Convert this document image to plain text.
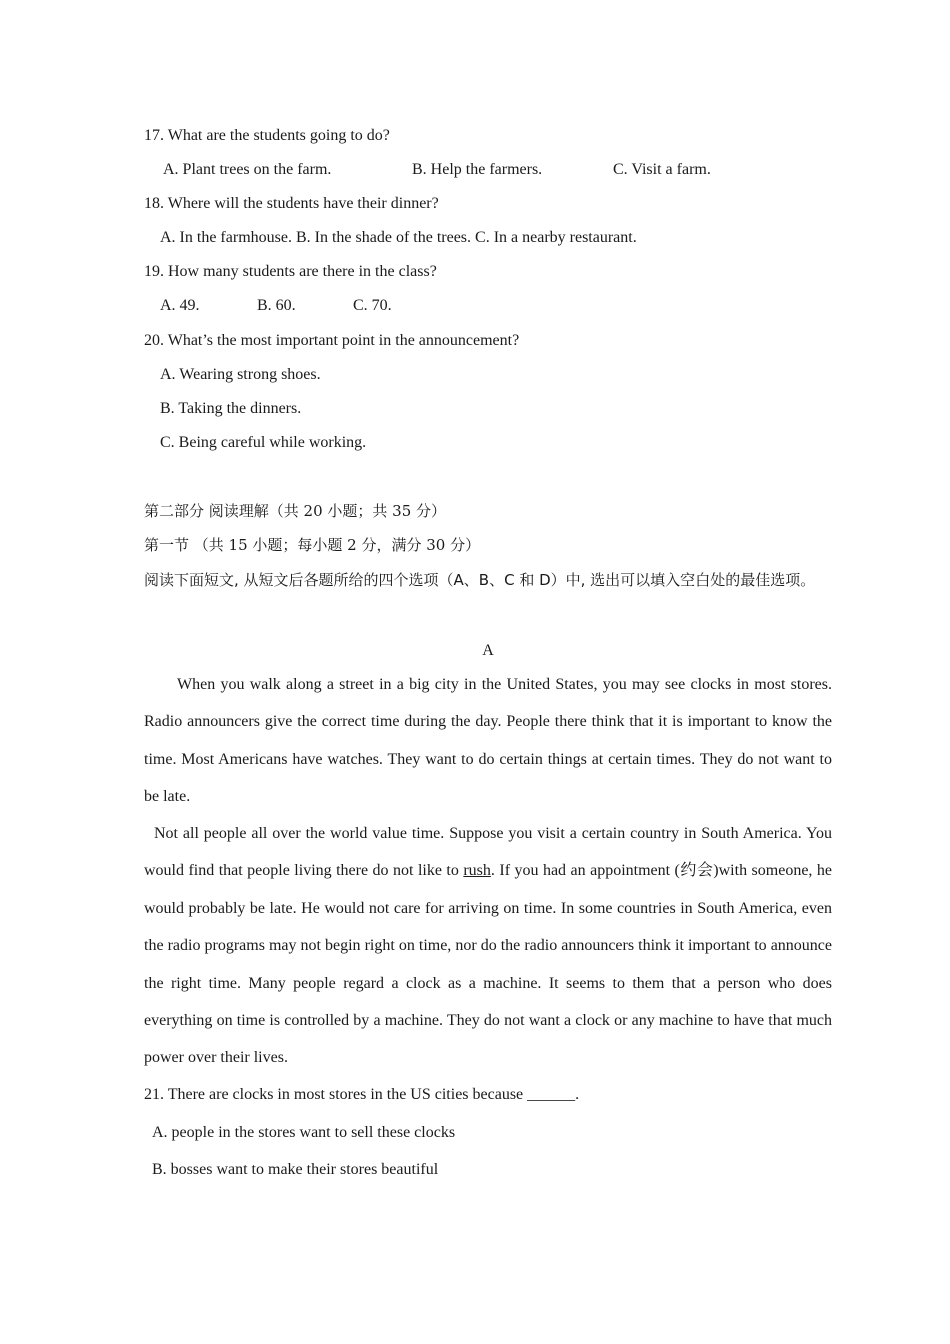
17. What are the students going to do?
A. Plant trees on the farm.	B. Help the farmers.	C. Visit a farm.
18. Where will the students have their dinner?
A. In the farmhouse. B. In the shade of the trees. C. In a nearby restaurant.
19. How many students are there in the class?
A. 49.	B. 60.	C. 70.
20. What’s the most important point in the announcement?
A. Wearing strong shoes.
B. Taking the dinners.
C. Being careful while working.
第二部分 阅读理解（共 20 小题；共 35 分）
第一节 （共 15 小题；每小题 2 分，满分 30 分）
阅读下面短文, 从短文后各题所给的四个选项（A、B、C 和 D）中, 选出可以填入空白处的最佳选项。
A
When you walk along a street in a big city in the United States, you may see clocks in most stores. Radio announcers give the correct time during the day. People there think that it is important to know the time. Most Americans have watches. They want to do certain things at certain times. They do not want to be late.
Not all people all over the world value time. Suppose you visit a certain country in South America. You would find that people living there do not like to rush. If you had an appointment (约会)with someone, he would probably be late. He would not care for arriving on time. In some countries in South America, even the radio programs may not begin right on time, nor do the radio announcers think it important to announce the right time. Many people regard a clock as a machine. It seems to them that a person who does everything on time is controlled by a machine. They do not want a clock or any machine to have that much power over their lives.
21. There are clocks in most stores in the US cities because ______.
A. people in the stores want to sell these clocks
B. bosses want to make their stores beautiful
